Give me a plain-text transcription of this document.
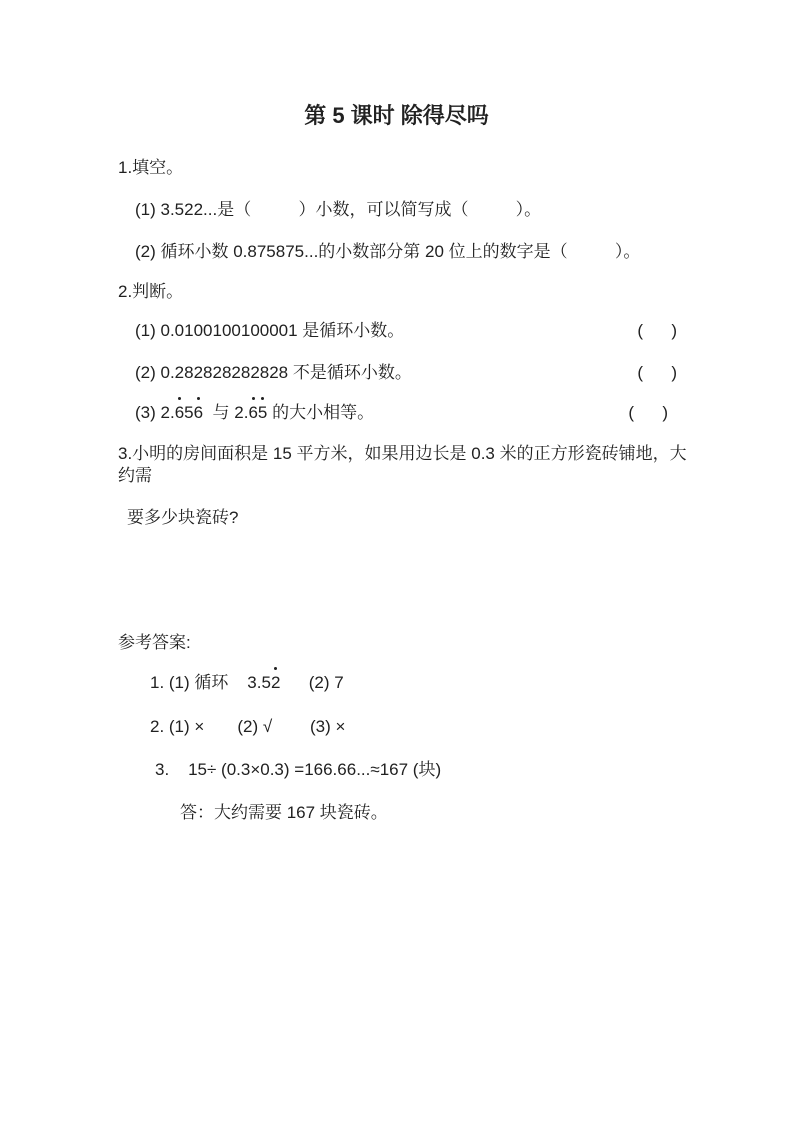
第 5 课时 除得尽吗
1.填空。
(1) 3.522...是（          ）小数，可以简写成（          ）。
(2) 循环小数 0.875875...的小数部分第 20 位上的数字是（          ）。
2.判断。
(1) 0.0100100100001 是循环小数。	(      )
(2) 0.282828282828 不是循环小数。	(      )
(3) 2.656  与 2.65 的大小相等。	(      )
3.小明的房间面积是 15 平方米，如果用边长是 0.3 米的正方形瓷砖铺地，大约需
要多少块瓷砖?
参考答案:
1. (1) 循环    3.52      (2) 7
2. (1) ×       (2) √        (3) ×
3.    15÷ (0.3×0.3) =166.66...≈167 (块)
答：大约需要 167 块瓷砖。
